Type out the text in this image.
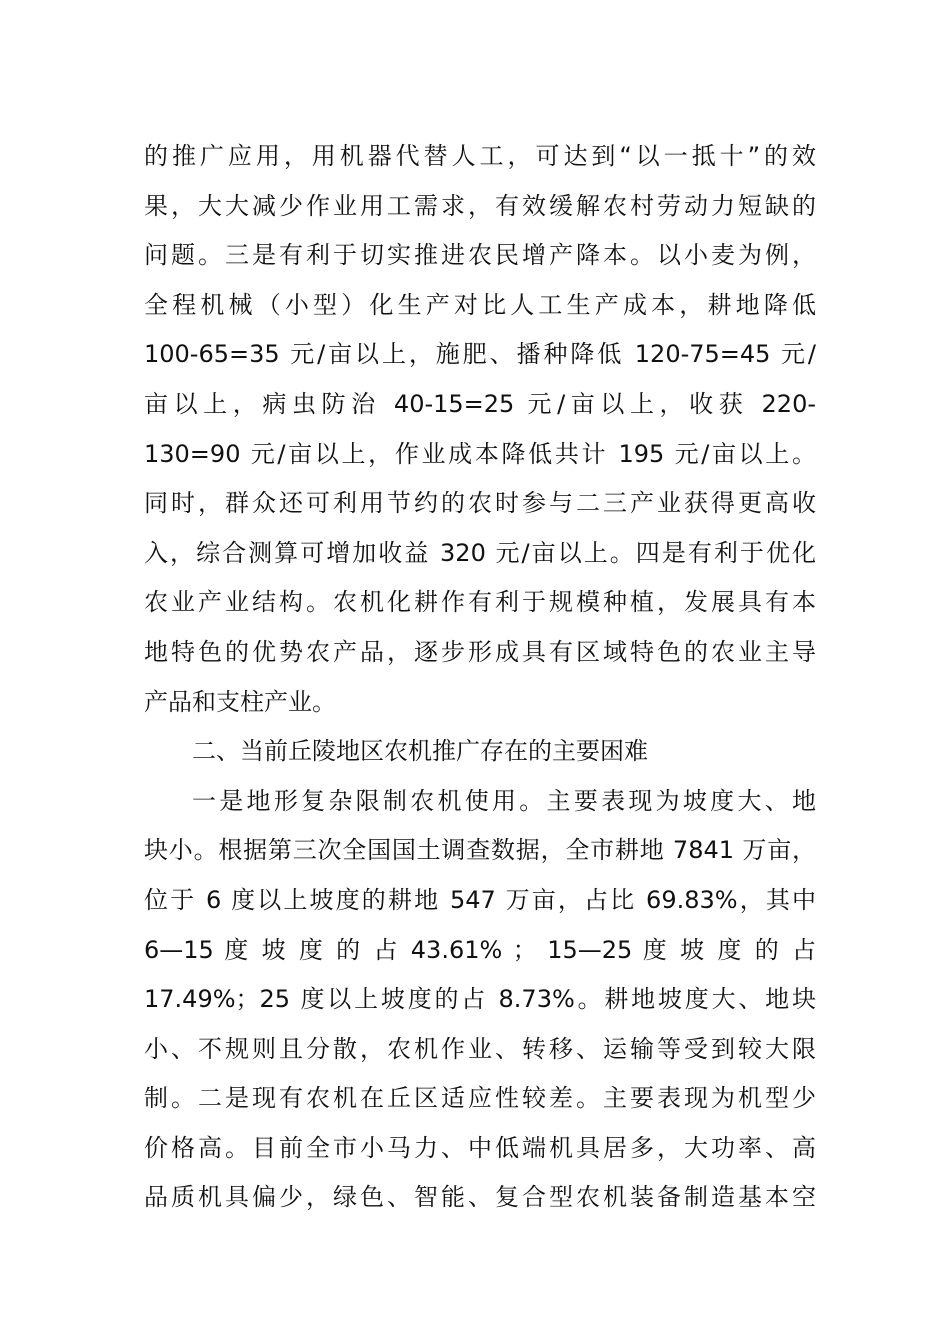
的推广应用，用机器代替人工，可达到“以一抵十”的效
果，大大减少作业用工需求，有效缓解农村劳动力短缺的
问题。三是有利于切实推进农民增产降本。以小麦为例，
全程机械（小型）化生产对比人工生产成本，耕地降低
100-65=35 元/亩以上，施肥、播种降低 120-75=45 元/
亩以上，病虫防治 40-15=25 元/亩以上，收获 220-
130=90 元/亩以上，作业成本降低共计 195 元/亩以上。
同时，群众还可利用节约的农时参与二三产业获得更高收
入，综合测算可增加收益 320 元/亩以上。四是有利于优化
农业产业结构。农机化耕作有利于规模种植，发展具有本
地特色的优势农产品，逐步形成具有区域特色的农业主导
产品和支柱产业。
二、当前丘陵地区农机推广存在的主要困难
一是地形复杂限制农机使用。主要表现为坡度大、地
块小。根据第三次全国国土调查数据，全市耕地 7841 万亩，
位于 6 度以上坡度的耕地 547 万亩，占比 69.83%，其中
6—15 度 坡 度 的 占 43.61% ； 15—25 度 坡 度 的 占
17.49%；25 度以上坡度的占 8.73%。耕地坡度大、地块
小、不规则且分散，农机作业、转移、运输等受到较大限
制。二是现有农机在丘区适应性较差。主要表现为机型少
价格高。目前全市小马力、中低端机具居多，大功率、高
品质机具偏少，绿色、智能、复合型农机装备制造基本空
